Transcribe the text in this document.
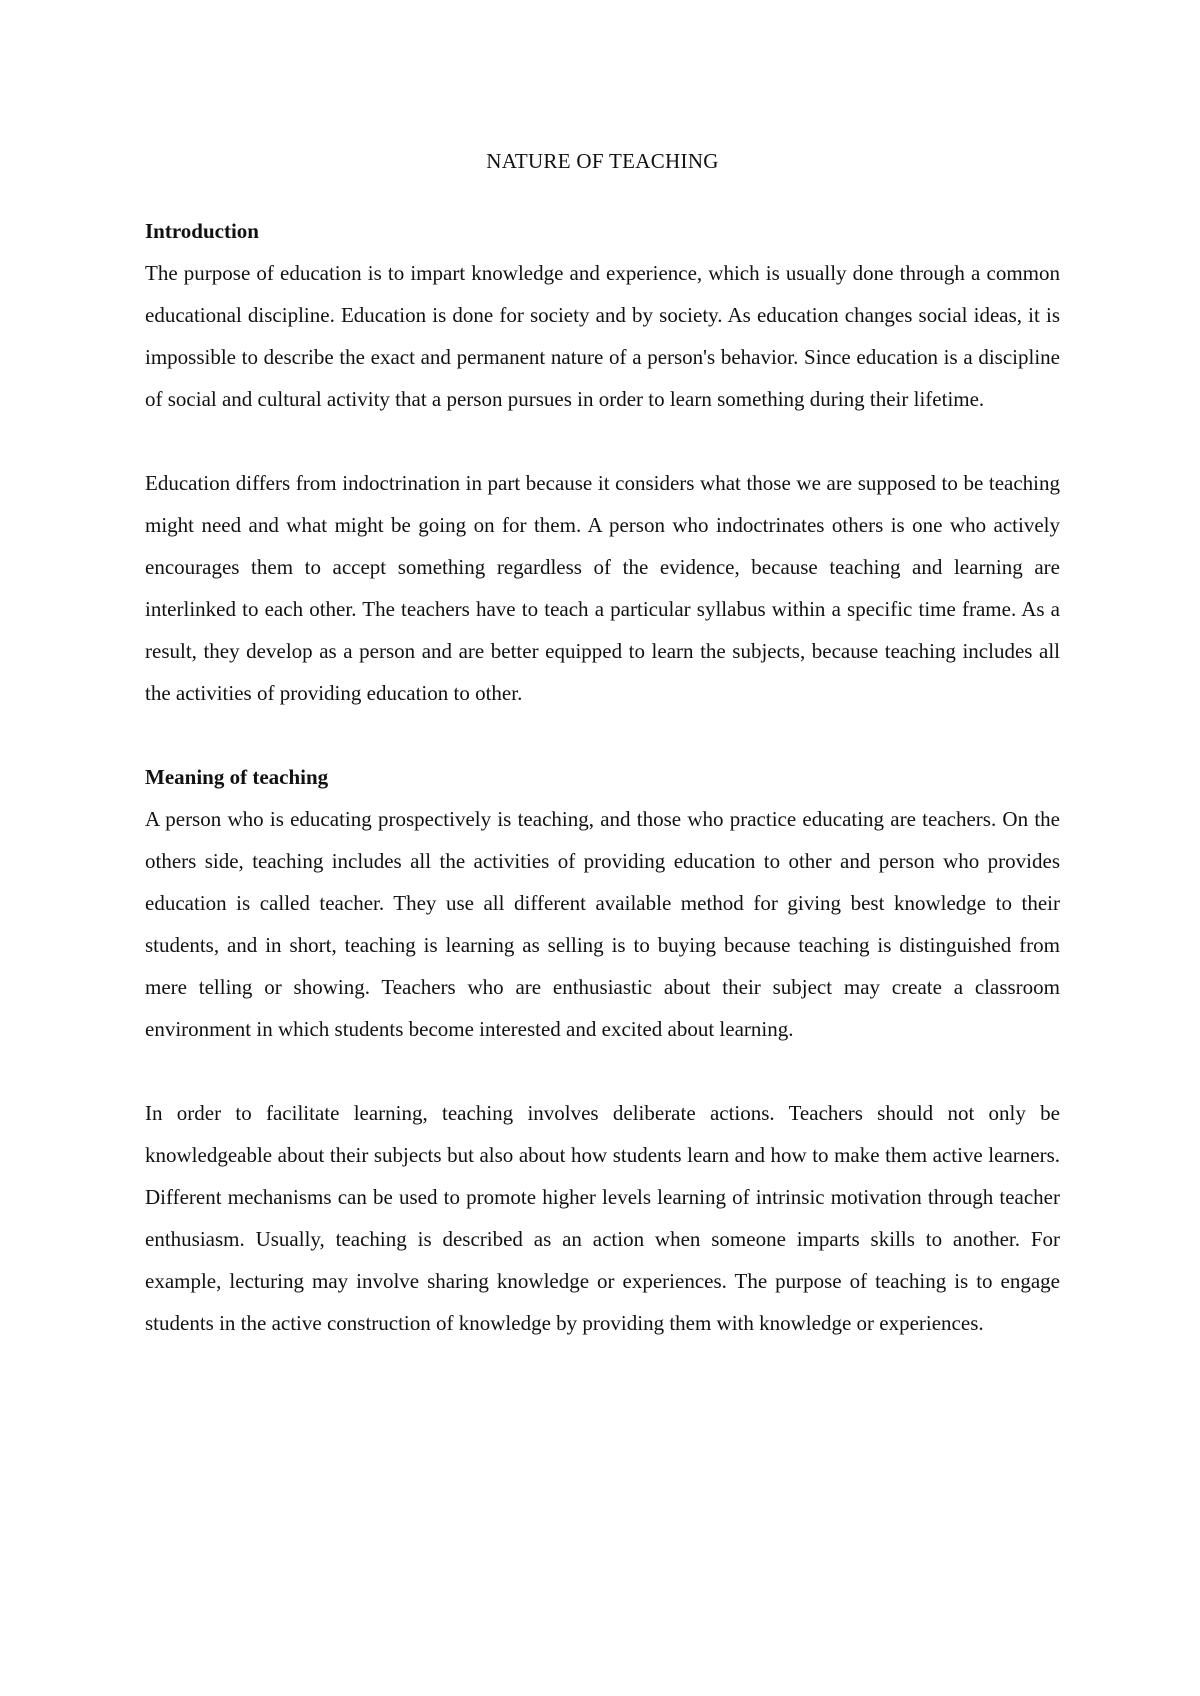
NATURE OF TEACHING
Introduction

The purpose of education is to impart knowledge and experience, which is usually done through a common educational discipline. Education is done for society and by society. As education changes social ideas, it is impossible to describe the exact and permanent nature of a person's behavior. Since education is a discipline of social and cultural activity that a person pursues in order to learn something during their lifetime.

Education differs from indoctrination in part because it considers what those we are supposed to be teaching might need and what might be going on for them. A person who indoctrinates others is one who actively encourages them to accept something regardless of the evidence, because teaching and learning are interlinked to each other. The teachers have to teach a particular syllabus within a specific time frame. As a result, they develop as a person and are better equipped to learn the subjects, because teaching includes all the activities of providing education to other.

Meaning of teaching

A person who is educating prospectively is teaching, and those who practice educating are teachers. On the others side, teaching includes all the activities of providing education to other and person who provides education is called teacher. They use all different available method for giving best knowledge to their students, and in short, teaching is learning as selling is to buying because teaching is distinguished from mere telling or showing. Teachers who are enthusiastic about their subject may create a classroom environment in which students become interested and excited about learning.

In order to facilitate learning, teaching involves deliberate actions. Teachers should not only be knowledgeable about their subjects but also about how students learn and how to make them active learners. Different mechanisms can be used to promote higher levels learning of intrinsic motivation through teacher enthusiasm. Usually, teaching is described as an action when someone imparts skills to another. For example, lecturing may involve sharing knowledge or experiences. The purpose of teaching is to engage students in the active construction of knowledge by providing them with knowledge or experiences.
